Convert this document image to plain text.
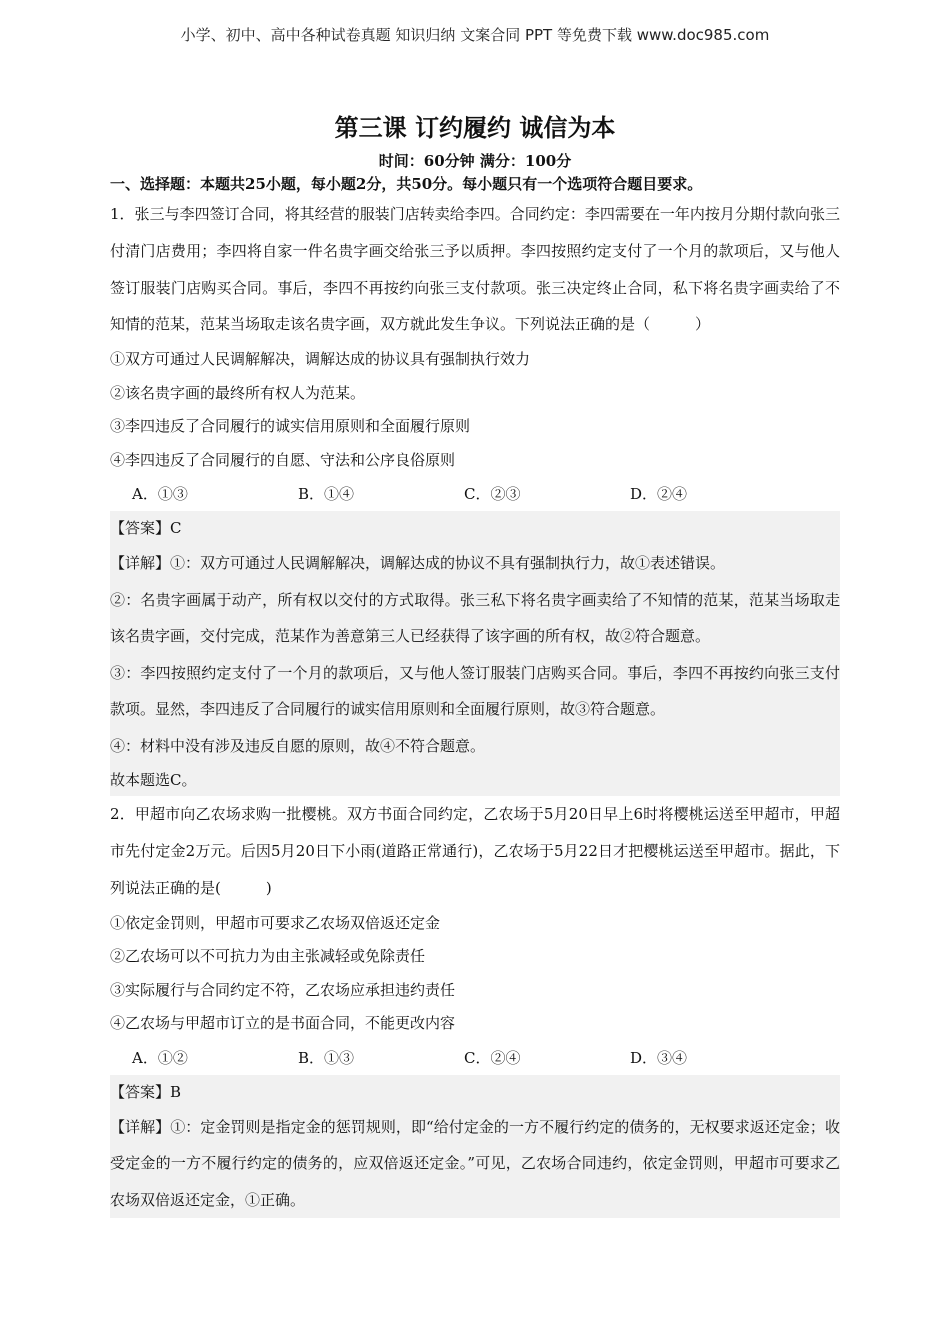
小学、初中、高中各种试卷真题 知识归纳 文案合同 PPT 等免费下载 www.doc985.com
第三课 订约履约 诚信为本
时间：60分钟 满分：100分
一、选择题：本题共25小题，每小题2分，共50分。每小题只有一个选项符合题目要求。

1．张三与李四签订合同，将其经营的服装门店转卖给李四。合同约定：李四需要在一年内按月分期付款向张三付清门店费用；李四将自家一件名贵字画交给张三予以质押。李四按照约定支付了一个月的款项后，又与他人签订服装门店购买合同。事后，李四不再按约向张三支付款项。张三决定终止合同，私下将名贵字画卖给了不知情的范某，范某当场取走该名贵字画，双方就此发生争议。下列说法正确的是（　　　）

①双方可通过人民调解解决，调解达成的协议具有强制执行效力

②该名贵字画的最终所有权人为范某。

③李四违反了合同履行的诚实信用原则和全面履行原则

④李四违反了合同履行的自愿、守法和公序良俗原则

A．①③	B．①④	C．②③	D．②④

【答案】C

【详解】①：双方可通过人民调解解决，调解达成的协议不具有强制执行力，故①表述错误。

②：名贵字画属于动产，所有权以交付的方式取得。张三私下将名贵字画卖给了不知情的范某，范某当场取走该名贵字画，交付完成，范某作为善意第三人已经获得了该字画的所有权，故②符合题意。

③：李四按照约定支付了一个月的款项后，又与他人签订服装门店购买合同。事后，李四不再按约向张三支付款项。显然，李四违反了合同履行的诚实信用原则和全面履行原则，故③符合题意。

④：材料中没有涉及违反自愿的原则，故④不符合题意。

故本题选C。

2．甲超市向乙农场求购一批樱桃。双方书面合同约定，乙农场于5月20日早上6时将樱桃运送至甲超市，甲超市先付定金2万元。后因5月20日下小雨(道路正常通行)，乙农场于5月22日才把樱桃运送至甲超市。据此，下列说法正确的是(　　　)

①依定金罚则，甲超市可要求乙农场双倍返还定金

②乙农场可以不可抗力为由主张减轻或免除责任

③实际履行与合同约定不符，乙农场应承担违约责任

④乙农场与甲超市订立的是书面合同，不能更改内容

A．①②	B．①③	C．②④	D．③④

【答案】B

【详解】①：定金罚则是指定金的惩罚规则，即“给付定金的一方不履行约定的债务的，无权要求返还定金；收受定金的一方不履行约定的债务的，应双倍返还定金。”可见，乙农场合同违约，依定金罚则，甲超市可要求乙农场双倍返还定金，①正确。
